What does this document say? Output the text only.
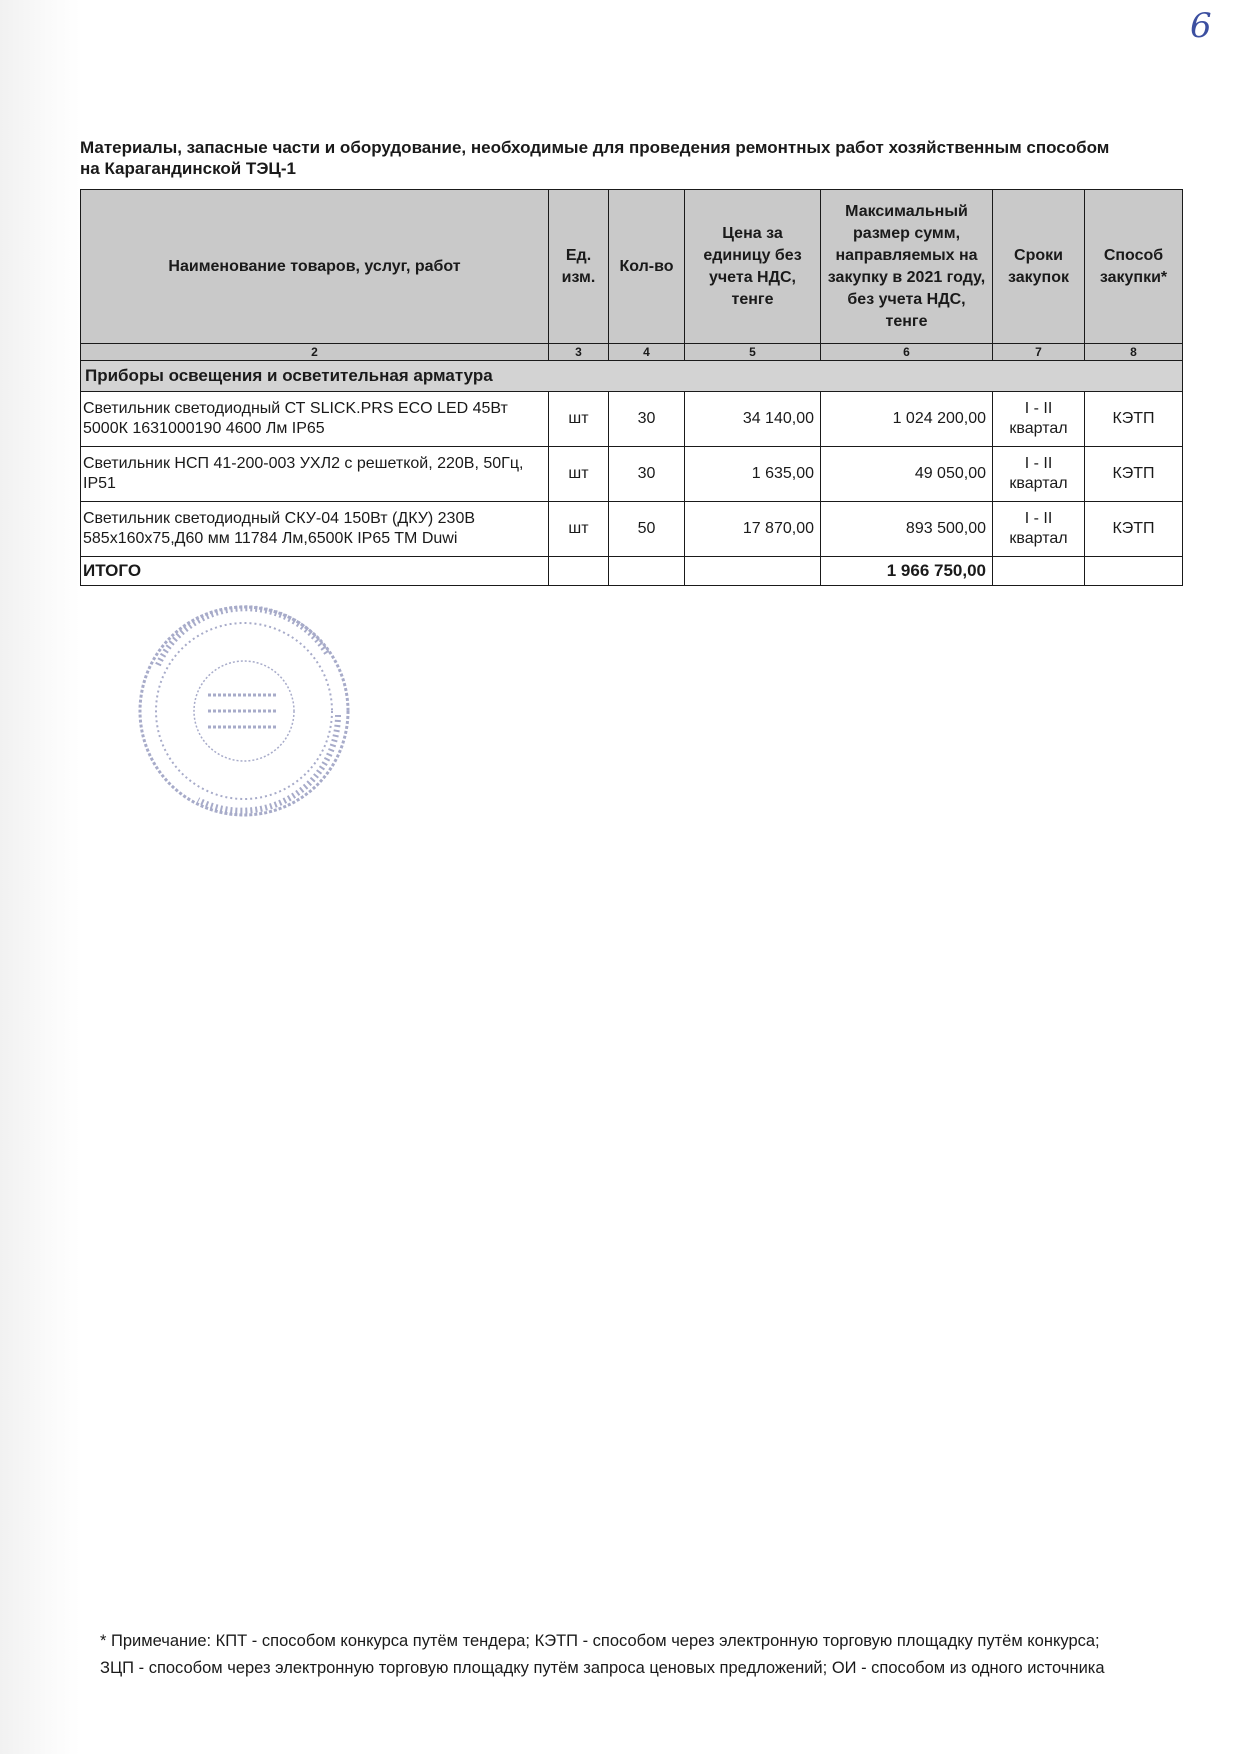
6
Материалы, запасные части и оборудование, необходимые для проведения ремонтных работ хозяйственным способом на Карагандинской ТЭЦ-1
Наименование товаров, услуг, работ	Ед. изм.	Кол-во	Цена за единицу без учета НДС, тенге	Максимальный размер сумм, направляемых на закупку в 2021 году, без учета НДС, тенге	Сроки закупок	Способ закупки*
2	3	4	5	6	7	8
Приборы освещения и осветительная арматура						
Светильник светодиодный СТ SLICK.PRS ECO LED 45Вт 5000К 1631000190 4600 Лм IP65	шт	30	34 140,00	1 024 200,00	I - II квартал	КЭТП
Светильник НСП 41-200-003 УХЛ2 с решеткой, 220В, 50Гц, IP51	шт	30	1 635,00	49 050,00	I - II квартал	КЭТП
Светильник светодиодный СКУ-04 150Вт (ДКУ) 230В 585х160х75,Д60 мм 11784 Лм,6500К IP65 TM Duwi	шт	50	17 870,00	893 500,00	I - II квартал	КЭТП
ИТОГО				1 966 750,00		
* Примечание: КПТ - способом конкурса путём тендера; КЭТП - способом через электронную торговую площадку путём конкурса; ЗЦП - способом через электронную торговую площадку путём запроса ценовых предложений; ОИ - способом из одного источника
